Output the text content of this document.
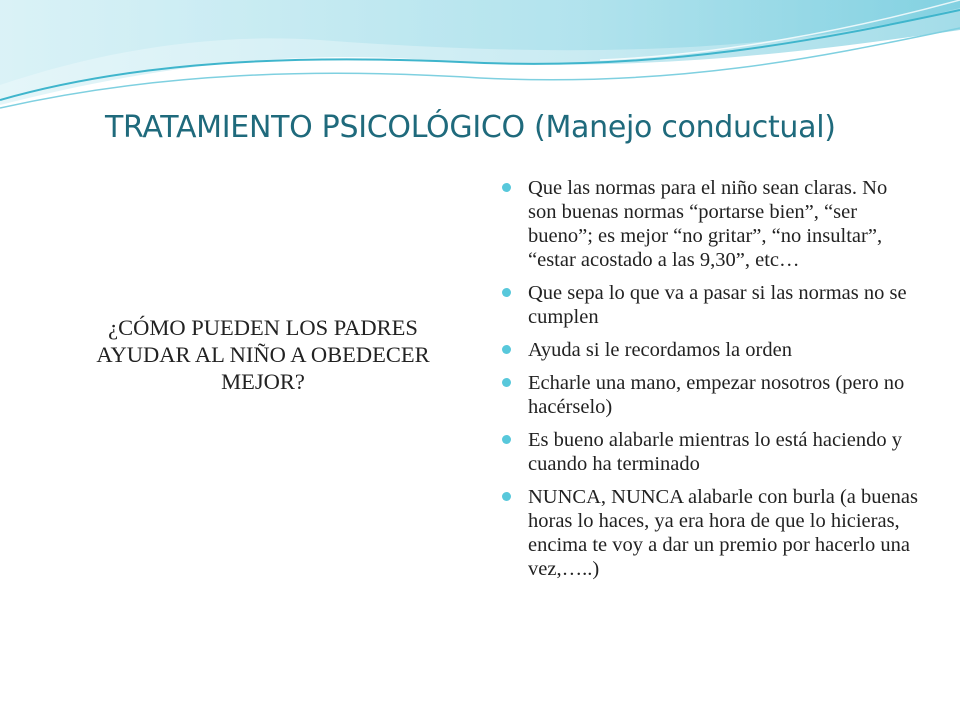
TRATAMIENTO PSICOLÓGICO (Manejo conductual)
¿CÓMO PUEDEN LOS PADRES AYUDAR AL NIÑO A OBEDECER MEJOR?
Que las normas para el niño sean claras. No son buenas normas “portarse bien”, “ser bueno”; es mejor “no gritar”, “no insultar”, “estar acostado a las 9,30”, etc…
Que sepa lo que va a pasar si las normas no se cumplen
Ayuda si le recordamos la orden
Echarle una mano, empezar nosotros (pero no hacérselo)
Es bueno alabarle mientras lo está haciendo y cuando ha terminado
NUNCA, NUNCA alabarle con burla (a buenas horas lo haces, ya era hora de que lo hicieras, encima te voy a dar un premio por hacerlo una vez,…..)
